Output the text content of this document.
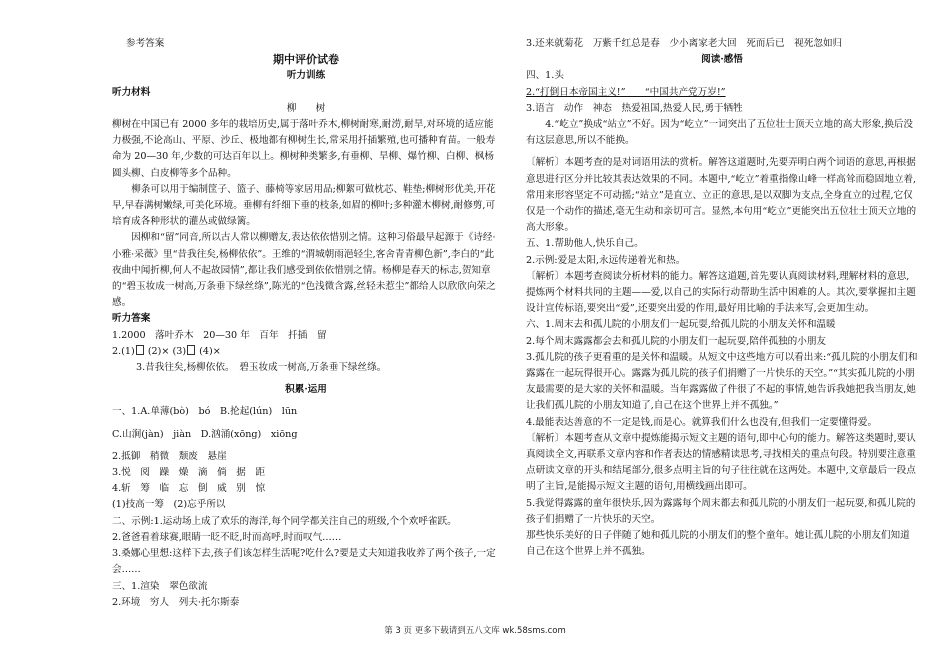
参考答案

期中评价试卷

听力训练

听力材料

柳　　树

柳树在中国已有 2000 多年的栽培历史,属于落叶乔木,柳树耐寒,耐涝,耐旱,对环境的适应能力极强,不论高山、平原、沙丘、极地都有柳树生长,常采用扦插繁殖,也可播种育苗。一般寿命为 20—30 年,少数的可达百年以上。柳树种类繁多,有垂柳、旱柳、爆竹柳、白柳、枫杨圆头柳、白皮柳等多个品种。

柳条可以用于编制筐子、篮子、藤椅等家居用品;柳絮可做枕芯、鞋垫;柳树形优美,开花早,早春满树嫩绿,可美化环境。垂柳有纤细下垂的枝条,如眉的柳叶;多种灌木柳树,耐修剪,可培育成各种形状的灌丛或做绿篱。

因柳和“留”同音,所以古人常以柳赠友,表达依依惜别之情。这种习俗最早起源于《诗经·小雅·采薇》里“昔我往矣,杨柳依依”。王维的“渭城朝雨浥轻尘,客舍青青柳色新”,李白的“此夜曲中闻折柳,何人不起故园情”,都让我们感受到依依惜别之情。杨柳是春天的标志,贺知章的“碧玉妆成一树高,万条垂下绿丝绦”,陈光的“色浅微含露,丝轻未惹尘”都给人以欣欣向荣之感。

听力答案

1.2000　落叶乔木　20—30 年　百年　扦插　留

2.(1) (2)× (3) (4)×

3.昔我往矣,杨柳依依。　碧玉妆成一树高,万条垂下绿丝绦。

积累·运用

一、1.A.单薄(bò)　bó　B.抡起(lún)　lūn

C.山涧(jàn)　jiàn　D.汹涌(xōng)　xiōng

2.抵御　稍微　颓废　悬崖

3.悦　阅　躁　燥　滴　倘　据　距

4.斩　筹　临　忘　倒　威　别　惊

(1)技高一筹　(2)忘乎所以

二、示例:1.运动场上成了欢乐的海洋,每个同学都关注自己的班级,个个欢呼雀跃。

2.爸爸看着球赛,眼睛一眨不眨,时而高呼,时而叹气……

3.桑娜心里想:这样下去,孩子们该怎样生活呢?吃什么?要是丈夫知道我收养了两个孩子,一定会……

三、1.渲染　翠色欲流

2.环境　穷人　列夫·托尔斯泰

3.还来就菊花　万紫千红总是春　少小离家老大回　死而后已　视死忽如归

阅读·感悟

四、1.头

2.“打倒日本帝国主义!”　　“中国共产党万岁!”

3.语言　动作　神态　热爱祖国,热爱人民,勇于牺牲

4.“屹立”换成“站立”不好。因为“屹立”一词突出了五位壮士顶天立地的高大形象,换后没有这层意思,所以不能换。

〔解析〕本题考查的是对词语用法的赏析。解答这道题时,先要弄明白两个词语的意思,再根据意思进行区分并比较其表达效果的不同。本题中,“屹立”着重指像山峰一样高耸而稳固地立着,常用来形容坚定不可动摇;“站立”是直立、立正的意思,是以双脚为支点,全身直立的过程,它仅仅是一个动作的描述,毫无生动和亲切可言。显然,本句用“屹立”更能突出五位壮士顶天立地的高大形象。

五、1.帮助他人,快乐自己。

2.示例:爱是太阳,永远传递着光和热。

〔解析〕本题考查阅读分析材料的能力。解答这道题,首先要认真阅读材料,理解材料的意思,提炼两个材料共同的主题——爱,以自己的实际行动帮助生活中困难的人。其次,要掌握扣主题设计宣传标语,要突出“爱”,还要突出爱的作用,最好用比喻的手法来写,会更加生动。

六、1.周末去和孤儿院的小朋友们一起玩耍,给孤儿院的小朋友关怀和温暖

2.每个周末露露都会去和孤儿院的小朋友们一起玩耍,陪伴孤独的小朋友

3.孤儿院的孩子更看重的是关怀和温暖。从短文中这些地方可以看出来:“孤儿院的小朋友们和露露在一起玩得很开心。露露为孤儿院的孩子们捐赠了一片快乐的天空。”“其实孤儿院的小朋友最需要的是大家的关怀和温暖。当年露露做了件很了不起的事情,她告诉我她把我当朋友,她让我们孤儿院的小朋友知道了,自己在这个世界上并不孤独。”

4.最能表达善意的不一定是钱,而是心。就算我们什么也没有,但我们一定要懂得爱。

〔解析〕本题考查从文章中提炼能揭示短文主题的语句,即中心句的能力。解答这类题时,要认真阅读全文,再联系文章内容和作者表达的情感精读思考,寻找相关的重点句段。特别要注意重点研读文章的开头和结尾部分,很多点明主旨的句子往往就在这两处。本题中,文章最后一段点明了主旨,是能揭示短文主题的语句,用横线画出即可。

5.我觉得露露的童年很快乐,因为露露每个周末都去和孤儿院的小朋友们一起玩耍,和孤儿院的孩子们捐赠了一片快乐的天空。

那些快乐美好的日子伴随了她和孤儿院的小朋友们的整个童年。她让孤儿院的小朋友们知道自己在这个世界上并不孤独。

第 3 页 更多下载请到五八文库 wk.58sms.com
